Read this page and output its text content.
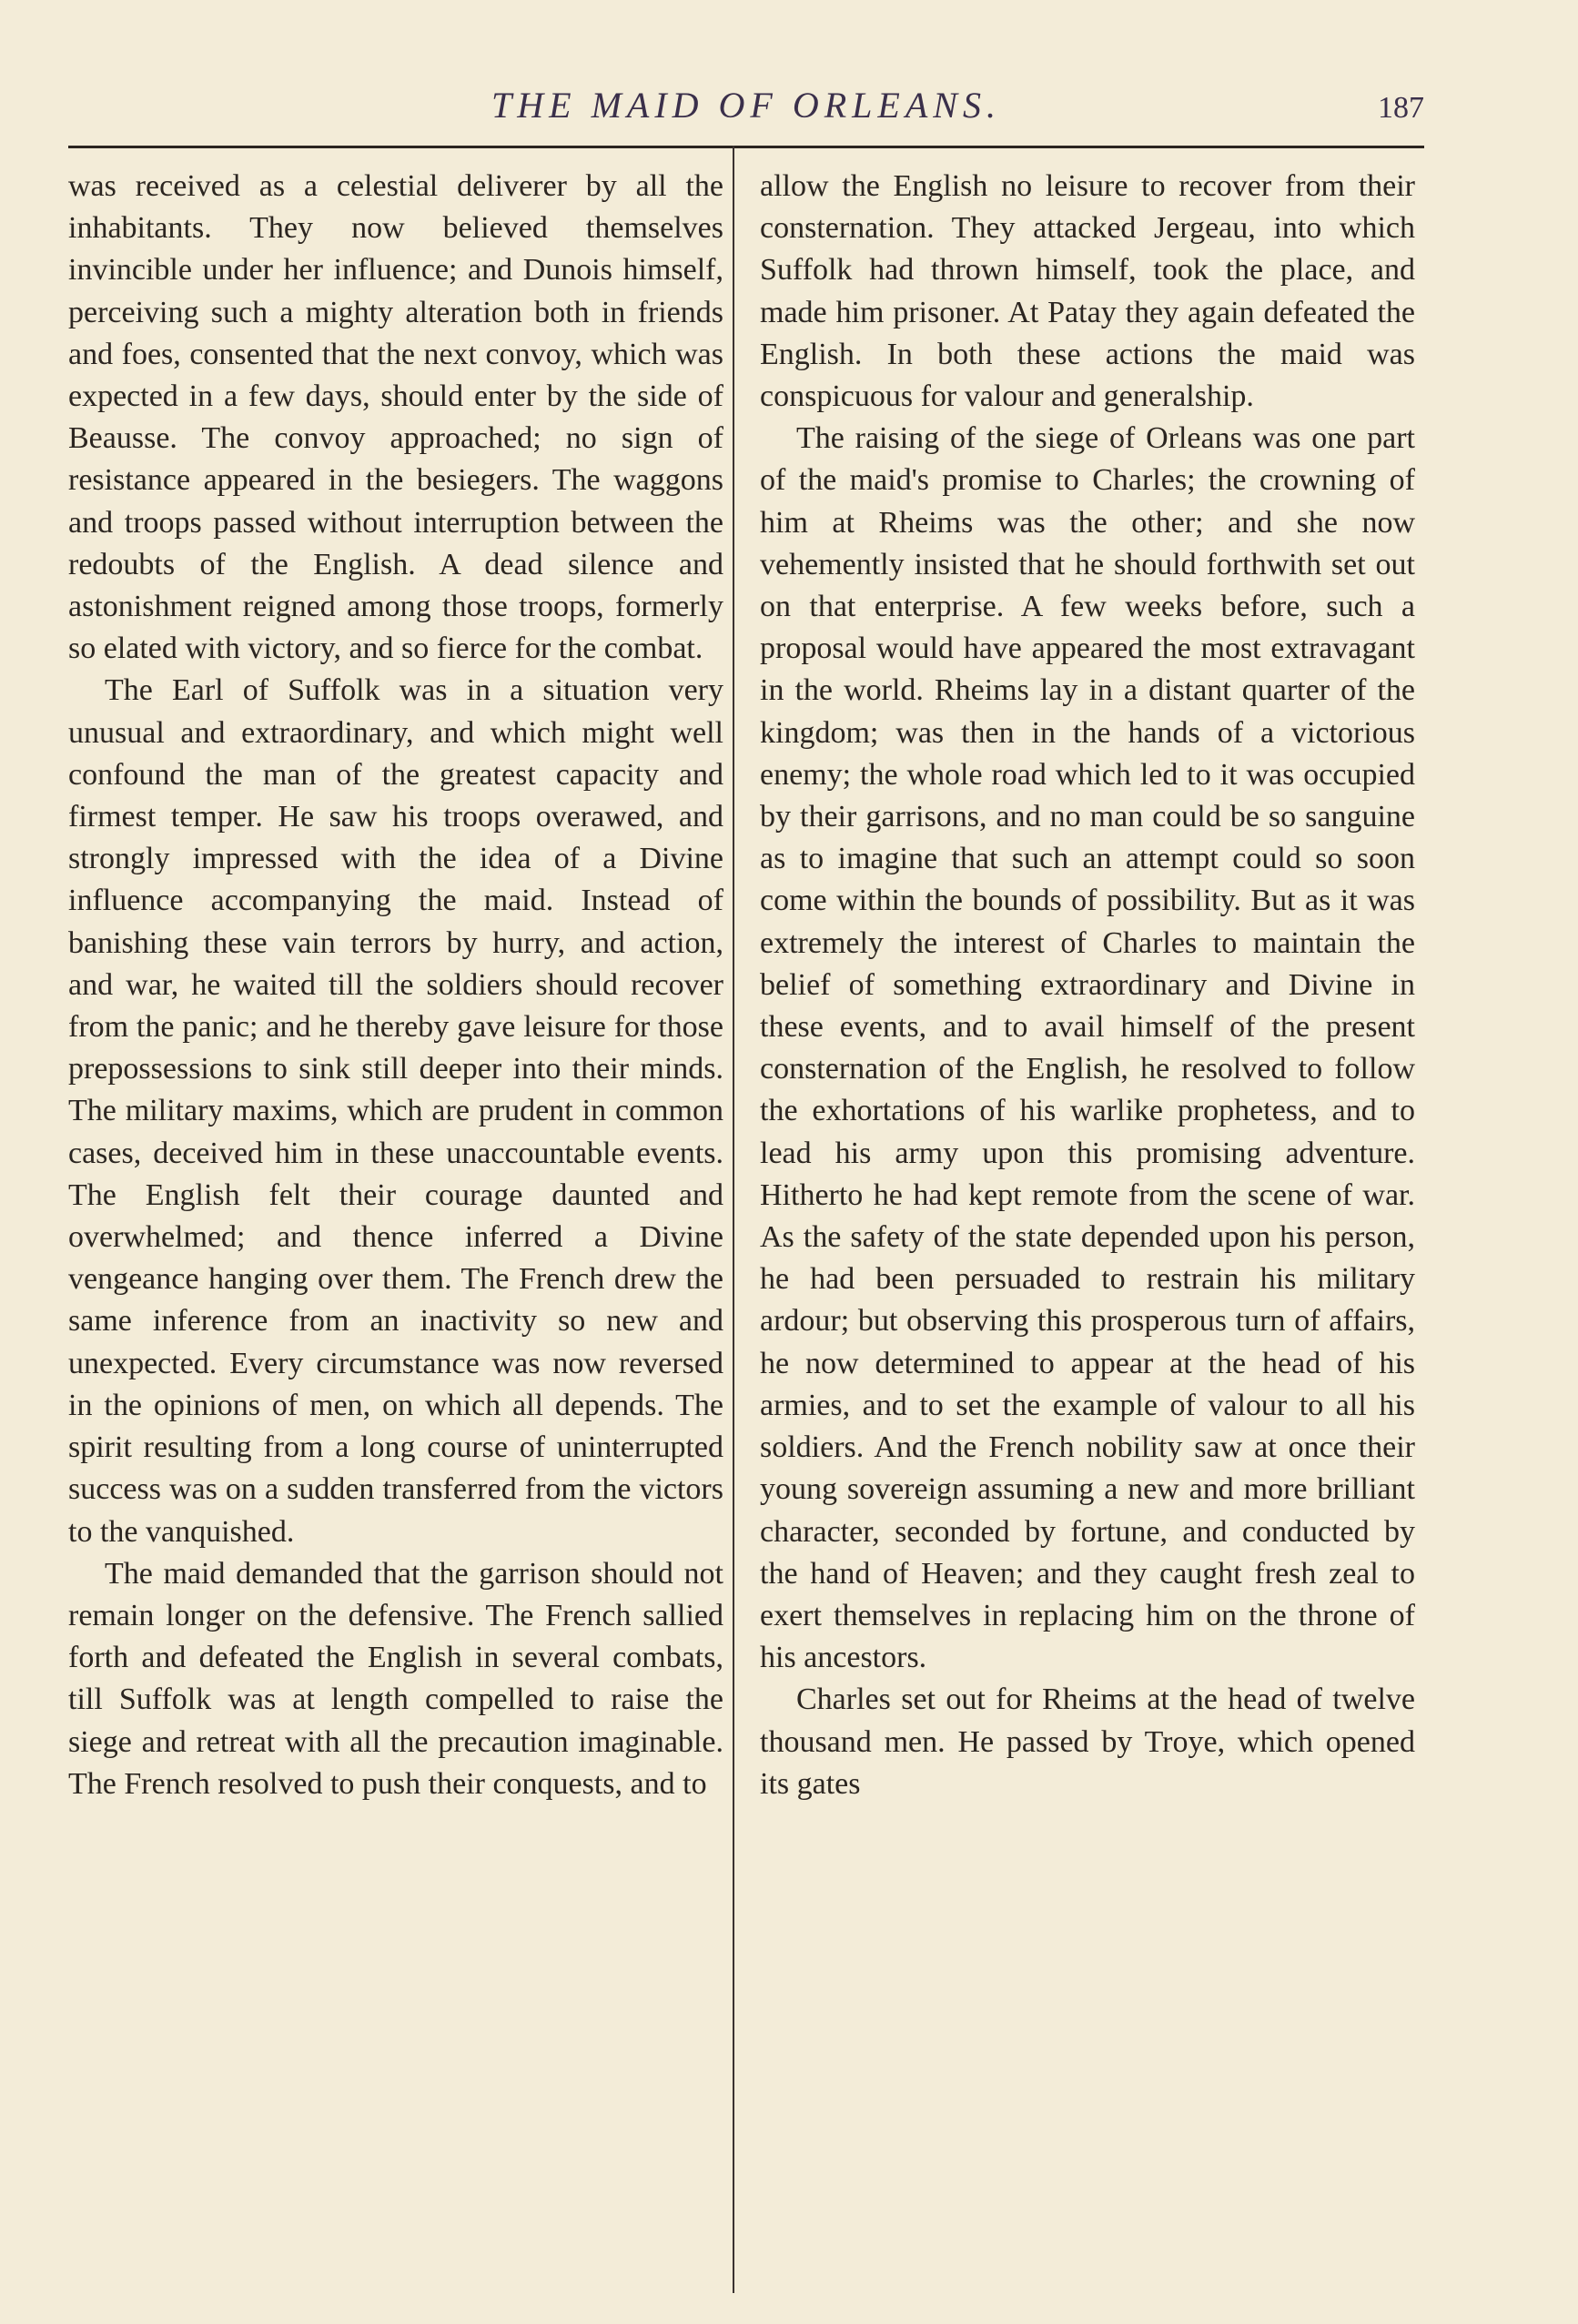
THE MAID OF ORLEANS.	187

was received as a celestial deliverer by all the inhabitants. They now believed themselves invincible under her influence; and Dunois himself, perceiving such a mighty alteration both in friends and foes, consented that the next convoy, which was expected in a few days, should enter by the side of Beausse. The convoy approached; no sign of resistance appeared in the besiegers. The waggons and troops passed without interruption between the redoubts of the English. A dead silence and astonishment reigned among those troops, formerly so elated with victory, and so fierce for the combat.

The Earl of Suffolk was in a situation very unusual and extraordinary, and which might well confound the man of the greatest capacity and firmest temper. He saw his troops overawed, and strongly impressed with the idea of a Divine influence accompanying the maid. Instead of banishing these vain terrors by hurry, and action, and war, he waited till the soldiers should recover from the panic; and he thereby gave leisure for those prepossessions to sink still deeper into their minds. The military maxims, which are prudent in common cases, deceived him in these unaccountable events. The English felt their courage daunted and overwhelmed; and thence inferred a Divine vengeance hanging over them. The French drew the same inference from an inactivity so new and unexpected. Every circumstance was now reversed in the opinions of men, on which all depends. The spirit resulting from a long course of uninterrupted success was on a sudden transferred from the victors to the vanquished.

The maid demanded that the garrison should not remain longer on the defensive. The French sallied forth and defeated the English in several combats, till Suffolk was at length compelled to raise the siege and retreat with all the precaution imaginable. The French resolved to push their conquests, and to

allow the English no leisure to recover from their consternation. They attacked Jergeau, into which Suffolk had thrown himself, took the place, and made him prisoner. At Patay they again defeated the English. In both these actions the maid was conspicuous for valour and generalship.

The raising of the siege of Orleans was one part of the maid's promise to Charles; the crowning of him at Rheims was the other; and she now vehemently insisted that he should forthwith set out on that enterprise. A few weeks before, such a proposal would have appeared the most extravagant in the world. Rheims lay in a distant quarter of the kingdom; was then in the hands of a victorious enemy; the whole road which led to it was occupied by their garrisons, and no man could be so sanguine as to imagine that such an attempt could so soon come within the bounds of possibility. But as it was extremely the interest of Charles to maintain the belief of something extraordinary and Divine in these events, and to avail himself of the present consternation of the English, he resolved to follow the exhortations of his warlike prophetess, and to lead his army upon this promising adventure. Hitherto he had kept remote from the scene of war. As the safety of the state depended upon his person, he had been persuaded to restrain his military ardour; but observing this prosperous turn of affairs, he now determined to appear at the head of his armies, and to set the example of valour to all his soldiers. And the French nobility saw at once their young sovereign assuming a new and more brilliant character, seconded by fortune, and conducted by the hand of Heaven; and they caught fresh zeal to exert themselves in replacing him on the throne of his ancestors.

Charles set out for Rheims at the head of twelve thousand men. He passed by Troye, which opened its gates
